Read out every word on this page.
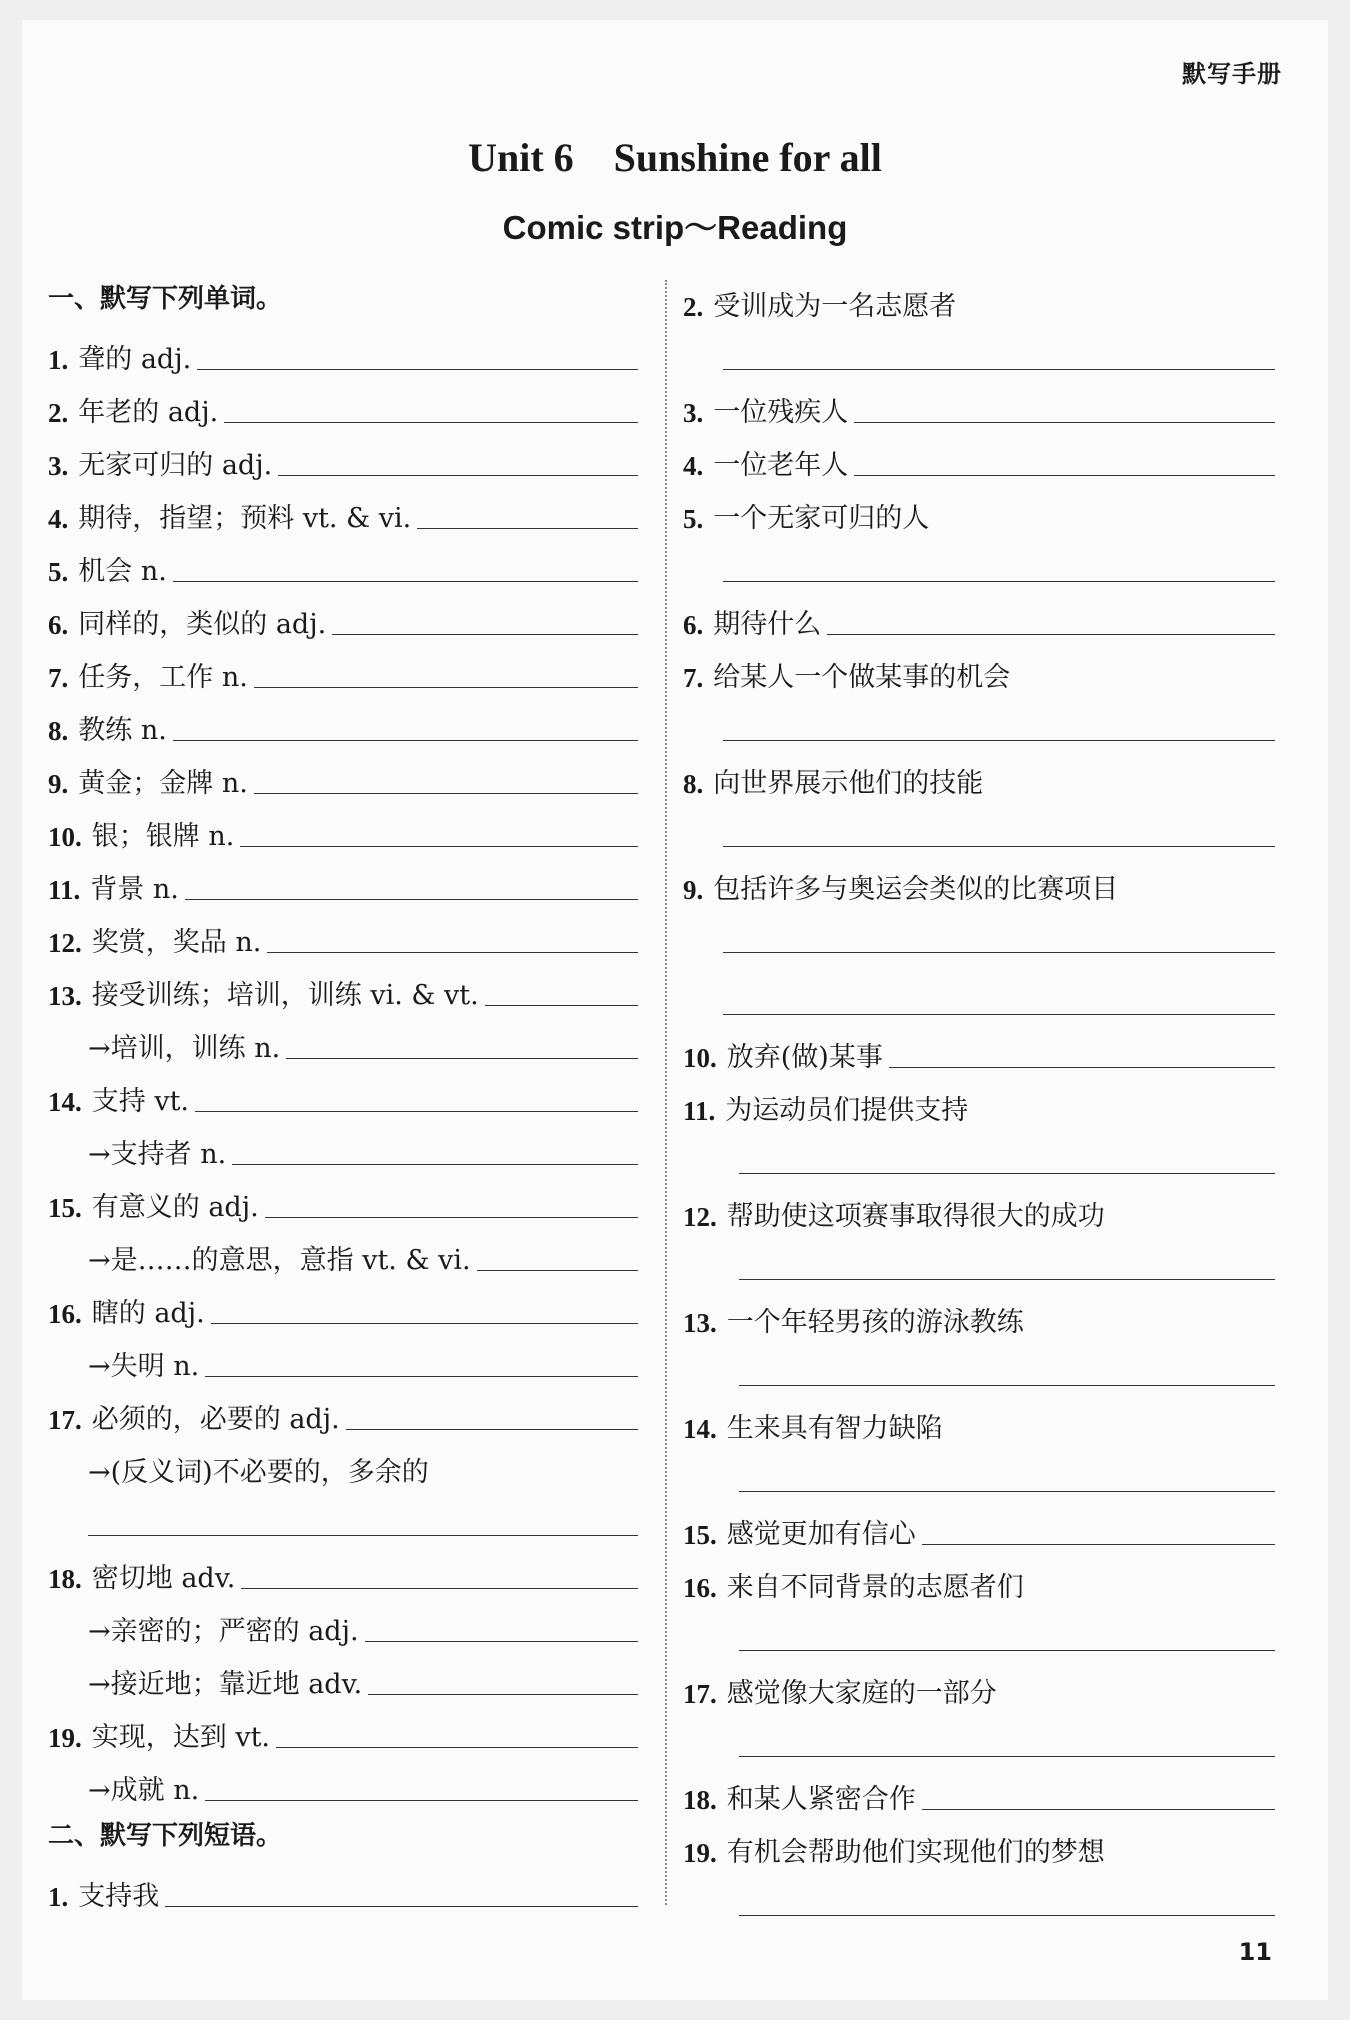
默写手册
Unit 6　Sunshine for all
Comic strip～Reading
一、默写下列单词。
1. 聋的 adj.
2. 年老的 adj.
3. 无家可归的 adj.
4. 期待，指望；预料 vt. & vi.
5. 机会 n.
6. 同样的，类似的 adj.
7. 任务，工作 n.
8. 教练 n.
9. 黄金；金牌 n.
10. 银；银牌 n.
11. 背景 n.
12. 奖赏，奖品 n.
13. 接受训练；培训，训练 vi. & vt.
→培训，训练 n.
14. 支持 vt.
→支持者 n.
15. 有意义的 adj.
→是……的意思，意指 vt. & vi.
16. 瞎的 adj.
→失明 n.
17. 必须的，必要的 adj.
→(反义词)不必要的，多余的
18. 密切地 adv.
→亲密的；严密的 adj.
→接近地；靠近地 adv.
19. 实现，达到 vt.
→成就 n.
二、默写下列短语。
1. 支持我
2. 受训成为一名志愿者
3. 一位残疾人
4. 一位老年人
5. 一个无家可归的人
6. 期待什么
7. 给某人一个做某事的机会
8. 向世界展示他们的技能
9. 包括许多与奥运会类似的比赛项目
10. 放弃(做)某事
11. 为运动员们提供支持
12. 帮助使这项赛事取得很大的成功
13. 一个年轻男孩的游泳教练
14. 生来具有智力缺陷
15. 感觉更加有信心
16. 来自不同背景的志愿者们
17. 感觉像大家庭的一部分
18. 和某人紧密合作
19. 有机会帮助他们实现他们的梦想
11
